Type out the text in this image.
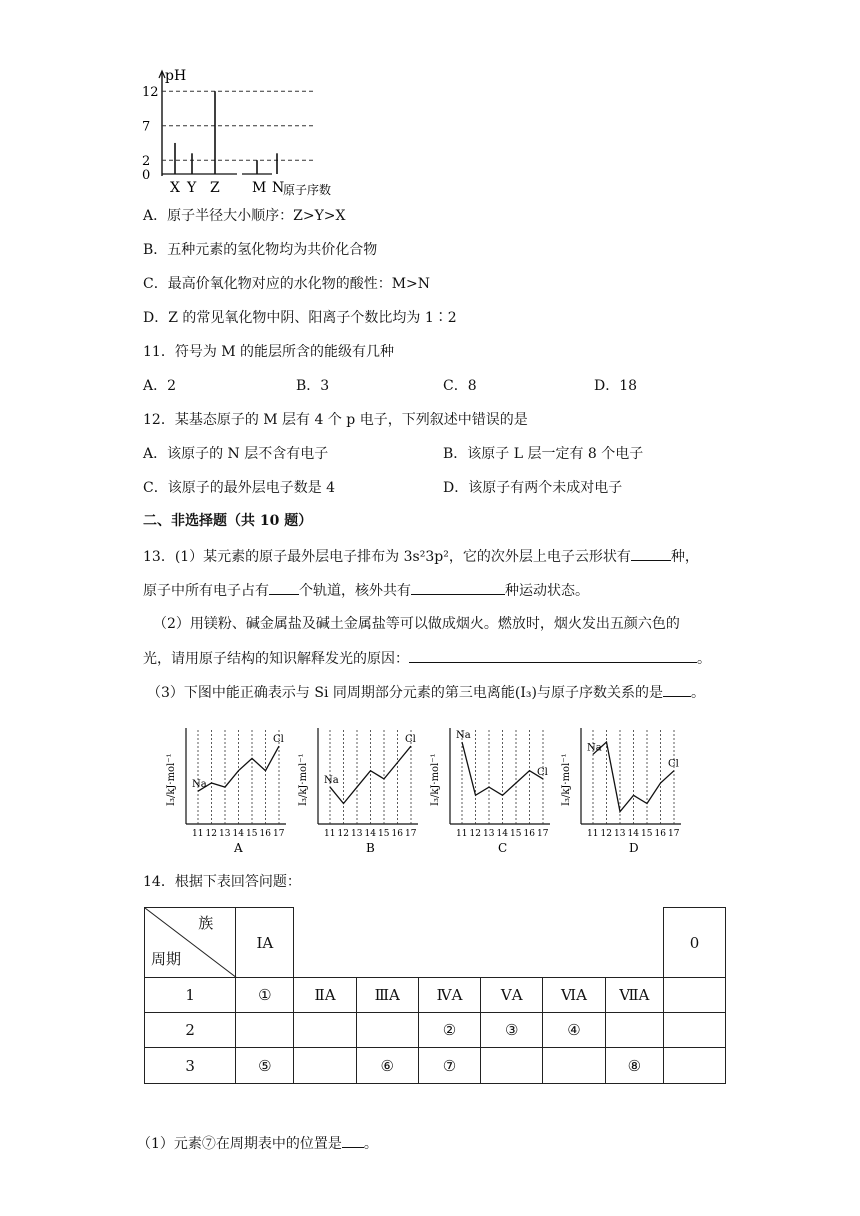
pH
12
7
2
0
X Y Z M N
原子序数
A．原子半径大小顺序：Z>Y>X
B．五种元素的氢化物均为共价化合物
C．最高价氧化物对应的水化物的酸性：M>N
D．Z 的常见氧化物中阴、阳离子个数比均为 1∶2
11．符号为 M 的能层所含的能级有几种
A．2	B．3	C．8	D．18
12．某基态原子的 M 层有 4 个 p 电子，下列叙述中错误的是
A．该原子的 N 层不含有电子	B．该原子 L 层一定有 8 个电子
C．该原子的最外层电子数是 4	D．该原子有两个未成对电子
二、非选择题（共 10 题）
13．(1）某元素的原子最外层电子排布为 3s²3p²，它的次外层上电子云形状有	种，
原子中所有电子占有 个轨道，核外共有	种运动状态。
（2）用镁粉、碱金属盐及碱土金属盐等可以做成烟火。燃放时，烟火发出五颜六色的
光，请用原子结构的知识解释发光的原因：	。
（3）下图中能正确表示与 Si 同周期部分元素的第三电离能(I₃)与原子序数关系的是 。
I₃/kJ·mol⁻¹
11 12 13 14 15 16 17
Na
Cl
A
I₃/kJ·mol⁻¹
11 12 13 14 15 16 17
Na
Cl
B
I₃/kJ·mol⁻¹
11 12 13 14 15 16 17
Na
Cl
C
I₃/kJ·mol⁻¹
11 12 13 14 15 16 17
Na
Cl
D
14．根据下表回答问题：
族
周期	ⅠA							0
1	①	ⅡA	ⅢA	ⅣA	ⅤA	ⅥA	ⅦA	
2				②	③	④		
3	⑤		⑥	⑦			⑧	
（1）元素⑦在周期表中的位置是 。
